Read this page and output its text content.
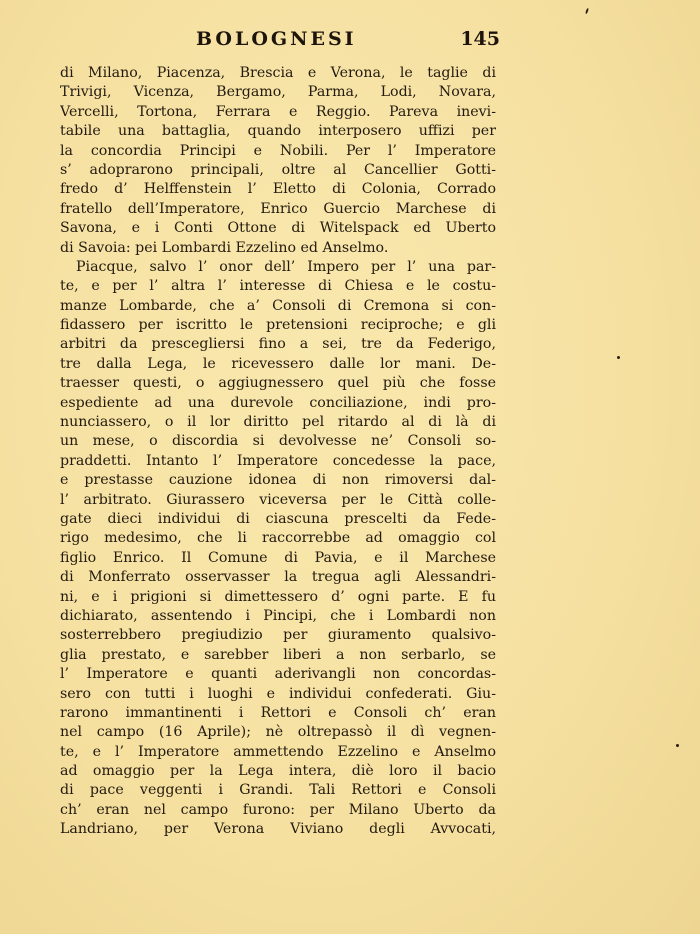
BOLOGNESI	145
di Milano, Piacenza, Brescia e Verona, le taglie di
Trivigi, Vicenza, Bergamo, Parma, Lodi, Novara,
Vercelli, Tortona, Ferrara e Reggio. Pareva inevi-
tabile una battaglia, quando interposero uffizi per
la concordia Principi e Nobili. Per l’ Imperatore
s’ adoprarono principali, oltre al Cancellier Gotti-
fredo d’ Helffenstein l’ Eletto di Colonia, Corrado
fratello dell’Imperatore, Enrico Guercio Marchese di
Savona, e i Conti Ottone di Witelspack ed Uberto
di Savoia: pei Lombardi Ezzelino ed Anselmo.
Piacque, salvo l’ onor dell’ Impero per l’ una par-
te, e per l’ altra l’ interesse di Chiesa e le costu-
manze Lombarde, che a’ Consoli di Cremona si con-
fidassero per iscritto le pretensioni reciproche; e gli
arbitri da prescegliersi fino a sei, tre da Federigo,
tre dalla Lega, le ricevessero dalle lor mani. De-
traesser questi, o aggiugnessero quel più che fosse
espediente ad una durevole conciliazione, indi pro-
nunciassero, o il lor diritto pel ritardo al di là di
un mese, o discordia si devolvesse ne’ Consoli so-
praddetti. Intanto l’ Imperatore concedesse la pace,
e prestasse cauzione idonea di non rimoversi dal-
l’ arbitrato. Giurassero viceversa per le Città colle-
gate dieci individui di ciascuna prescelti da Fede-
rigo medesimo, che li raccorrebbe ad omaggio col
figlio Enrico. Il Comune di Pavia, e il Marchese
di Monferrato osservasser la tregua agli Alessandri-
ni, e i prigioni si dimettessero d’ ogni parte. E fu
dichiarato, assentendo i Pincipi, che i Lombardi non
sosterrebbero pregiudizio per giuramento qualsivo-
glia prestato, e sarebber liberi a non serbarlo, se
l’ Imperatore e quanti aderivangli non concordas-
sero con tutti i luoghi e individui confederati. Giu-
rarono immantinenti i Rettori e Consoli ch’ eran
nel campo (16 Aprile); nè oltrepassò il dì vegnen-
te, e l’ Imperatore ammettendo Ezzelino e Anselmo
ad omaggio per la Lega intera, diè loro il bacio
di pace veggenti i Grandi. Tali Rettori e Consoli
ch’ eran nel campo furono: per Milano Uberto da
Landriano, per Verona Viviano degli Avvocati,
